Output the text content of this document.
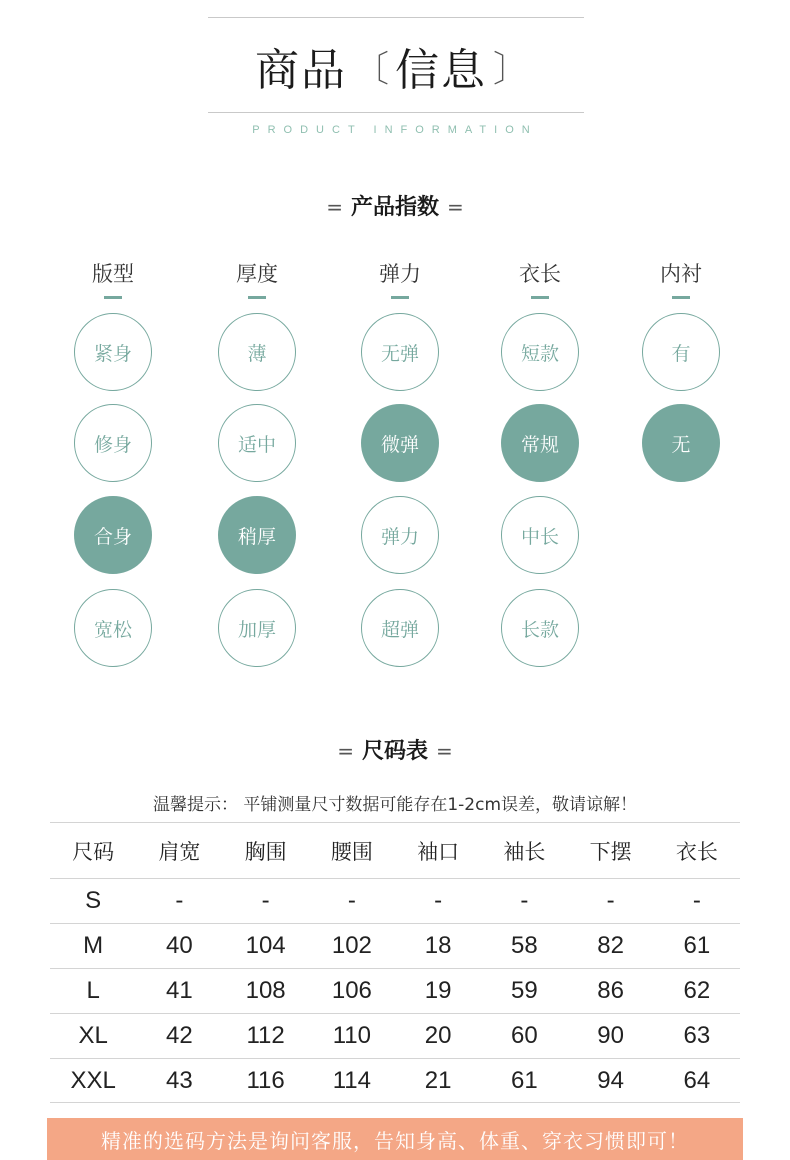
商品 〔 信息 〕
PRODUCT INFORMATION
= 产品指数 =
版型
紧身
修身
合身
宽松
厚度
薄
适中
稍厚
加厚
弹力
无弹
微弹
弹力
超弹
衣长
短款
常规
中长
长款
内衬
有
无
= 尺码表 =
温馨提示： 平铺测量尺寸数据可能存在1-2cm误差，敬请谅解！
尺码	肩宽	胸围	腰围	袖口	袖长	下摆	衣长
S	-	-	-	-	-	-	-
M	40	104	102	18	58	82	61
L	41	108	106	19	59	86	62
XL	42	112	110	20	60	90	63
XXL	43	116	114	21	61	94	64
精准的选码方法是询问客服，告知身高、体重、穿衣习惯即可！
